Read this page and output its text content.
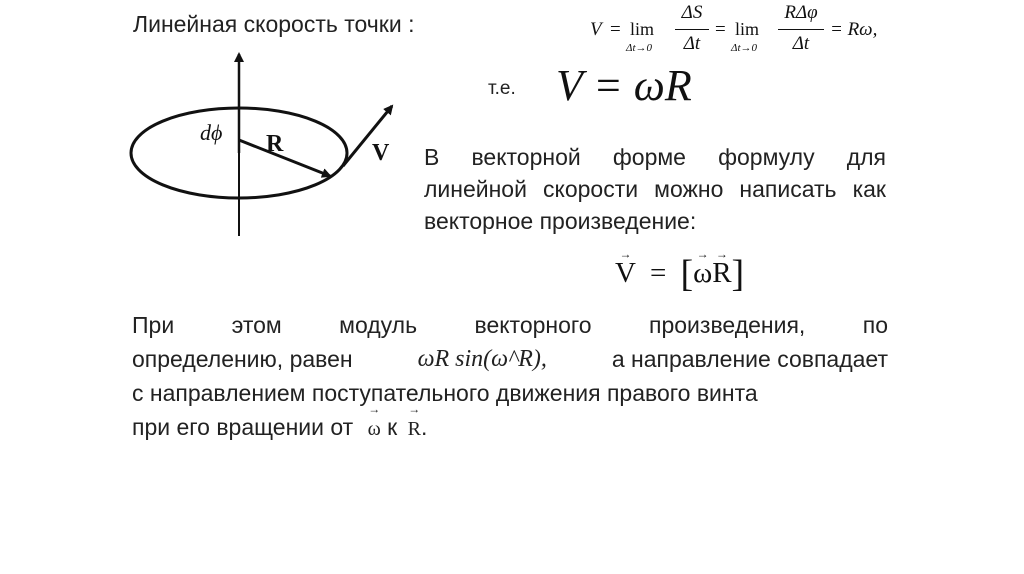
Линейная скорость точки :	V = lim
Δt→0
ΔS
Δt
= lim
Δt→0
RΔφ
Δt
= Rω,
т.е. V = ωR
dϕ R	V В векторной форме формулу для линейной скорости можно написать как векторное произведение:
→
V = [ →
ω
→
R]
При этом модуль векторного произведения, по
определению, равен	ωR sin(ω^R),	а направление совпадает
с направлением поступательного движения правого винта
при его вращении от
→
ω к
→
R.
